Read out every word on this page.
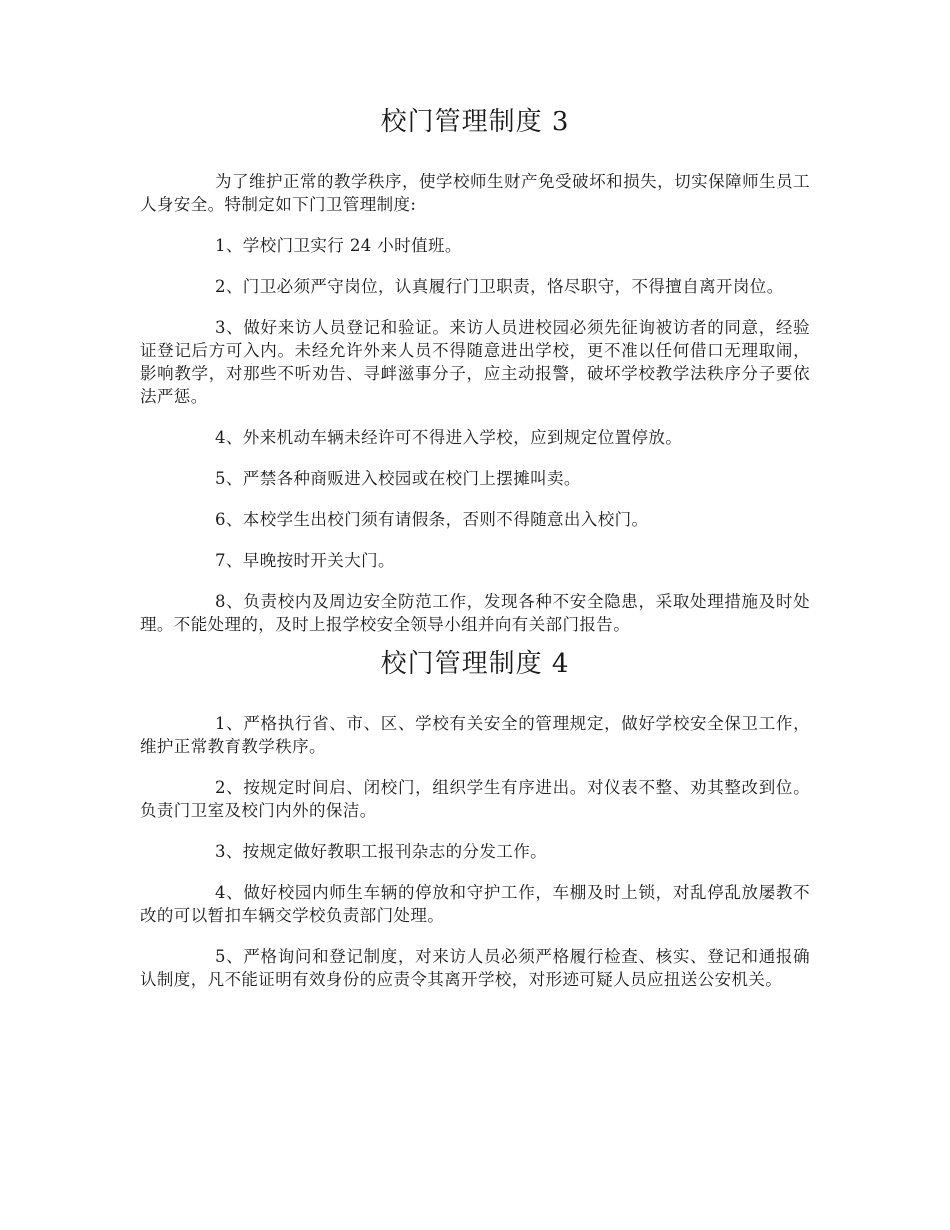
校门管理制度 3

为了维护正常的教学秩序，使学校师生财产免受破坏和损失，切实保障师生员工人身安全。特制定如下门卫管理制度:

1、学校门卫实行 24 小时值班。

2、门卫必须严守岗位，认真履行门卫职责，恪尽职守，不得擅自离开岗位。

3、做好来访人员登记和验证。来访人员进校园必须先征询被访者的同意，经验证登记后方可入内。未经允许外来人员不得随意进出学校，更不准以任何借口无理取闹，影响教学，对那些不听劝告、寻衅滋事分子，应主动报警，破坏学校教学法秩序分子要依法严惩。

4、外来机动车辆未经许可不得进入学校，应到规定位置停放。

5、严禁各种商贩进入校园或在校门上摆摊叫卖。

6、本校学生出校门须有请假条，否则不得随意出入校门。

7、早晚按时开关大门。

8、负责校内及周边安全防范工作，发现各种不安全隐患，采取处理措施及时处理。不能处理的，及时上报学校安全领导小组并向有关部门报告。

校门管理制度 4

1、严格执行省、市、区、学校有关安全的管理规定，做好学校安全保卫工作，维护正常教育教学秩序。

2、按规定时间启、闭校门，组织学生有序进出。对仪表不整、劝其整改到位。负责门卫室及校门内外的保洁。

3、按规定做好教职工报刊杂志的分发工作。

4、做好校园内师生车辆的停放和守护工作，车棚及时上锁，对乱停乱放屡教不改的可以暂扣车辆交学校负责部门处理。

5、严格询问和登记制度，对来访人员必须严格履行检查、核实、登记和通报确认制度，凡不能证明有效身份的应责令其离开学校，对形迹可疑人员应扭送公安机关。
